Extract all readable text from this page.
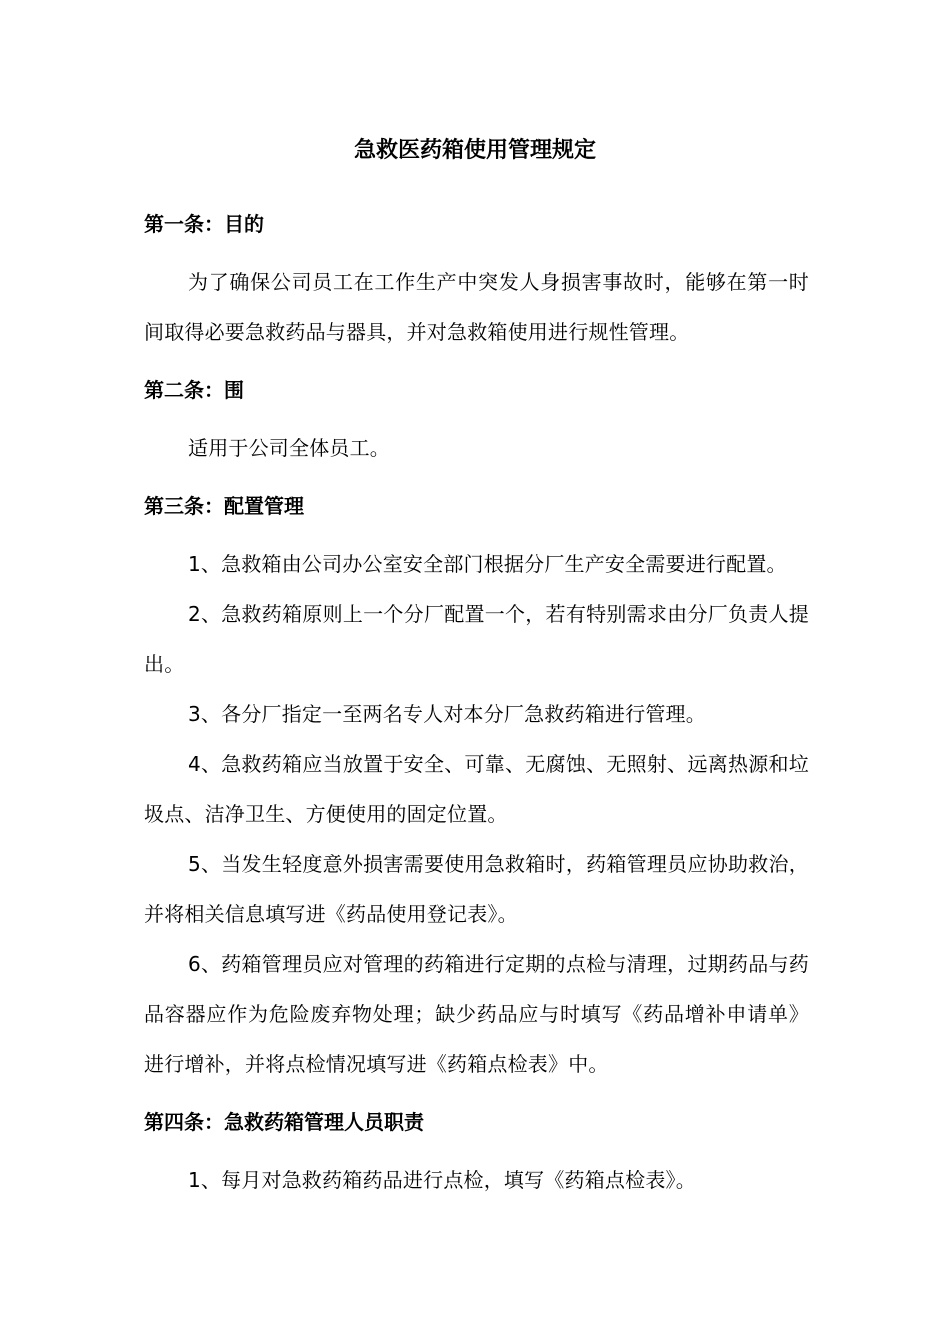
急救医药箱使用管理规定
第一条：目的

为了确保公司员工在工作生产中突发人身损害事故时，能够在第一时间取得必要急救药品与器具，并对急救箱使用进行规性管理。

第二条：围

适用于公司全体员工。

第三条：配置管理

1、急救箱由公司办公室安全部门根据分厂生产安全需要进行配置。

2、急救药箱原则上一个分厂配置一个，若有特别需求由分厂负责人提出。

3、各分厂指定一至两名专人对本分厂急救药箱进行管理。

4、急救药箱应当放置于安全、可靠、无腐蚀、无照射、远离热源和垃圾点、洁净卫生、方便使用的固定位置。

5、当发生轻度意外损害需要使用急救箱时，药箱管理员应协助救治，并将相关信息填写进《药品使用登记表》。

6、药箱管理员应对管理的药箱进行定期的点检与清理，过期药品与药品容器应作为危险废弃物处理；缺少药品应与时填写《药品增补申请单》进行增补，并将点检情况填写进《药箱点检表》中。

第四条：急救药箱管理人员职责

1、每月对急救药箱药品进行点检，填写《药箱点检表》。
